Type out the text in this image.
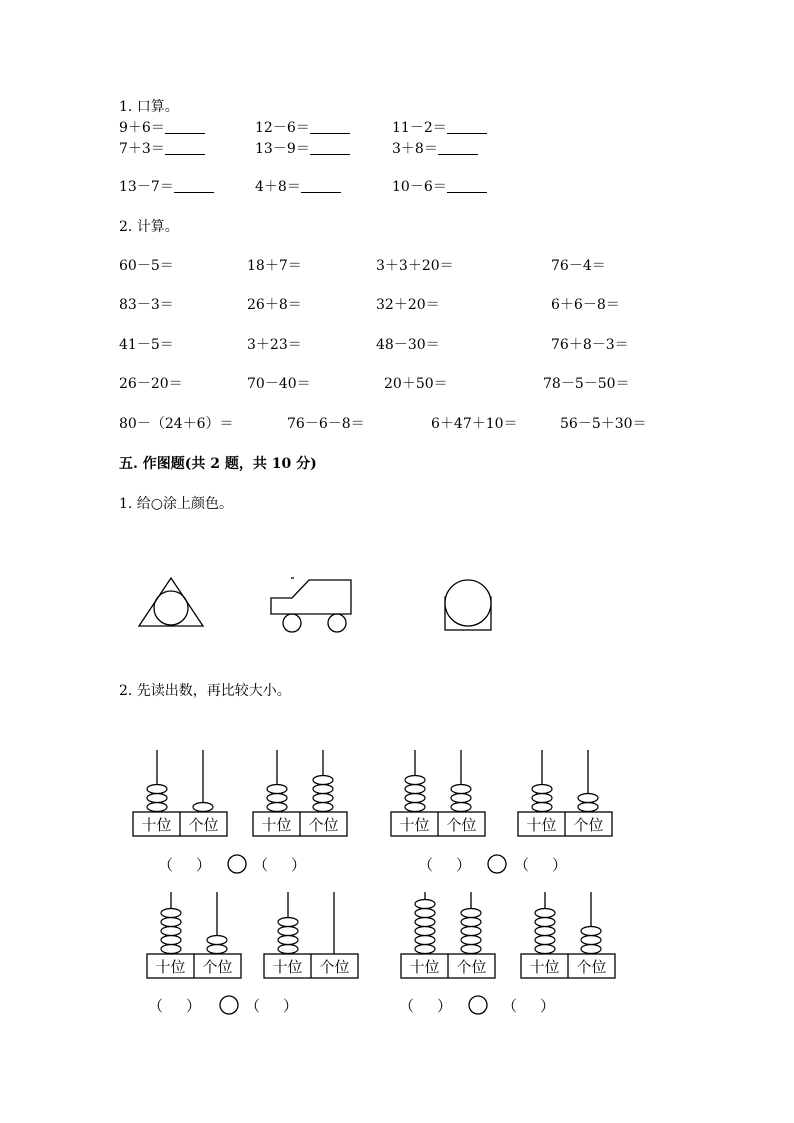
1. 口算。
9＋6＝	12－6＝	11－2＝
7＋3＝	13－9＝	3＋8＝
13－7＝	4＋8＝	10－6＝
2. 计算。
60－5＝	18＋7＝	3＋3＋20＝	76－4＝
83－3＝	26＋8＝	32＋20＝	6＋6－8＝
41－5＝	3＋23＝	48－30＝	76＋8－3＝
26－20＝	70－40＝	20＋50＝	78－5－50＝
80－（24＋6）＝	76－6－8＝	6＋47＋10＝	56－5＋30＝
五. 作图题(共 2 题，共 10 分)
1. 给○涂上颜色。
2. 先读出数，再比较大小。
十位 个位	十位 个位	十位 个位	十位 个位
十位 个位	十位 个位	十位 个位	十位 个位
（ ）	（ ）	（ ）	（ ）
（ ）	（ ）	（ ）	（ ）
